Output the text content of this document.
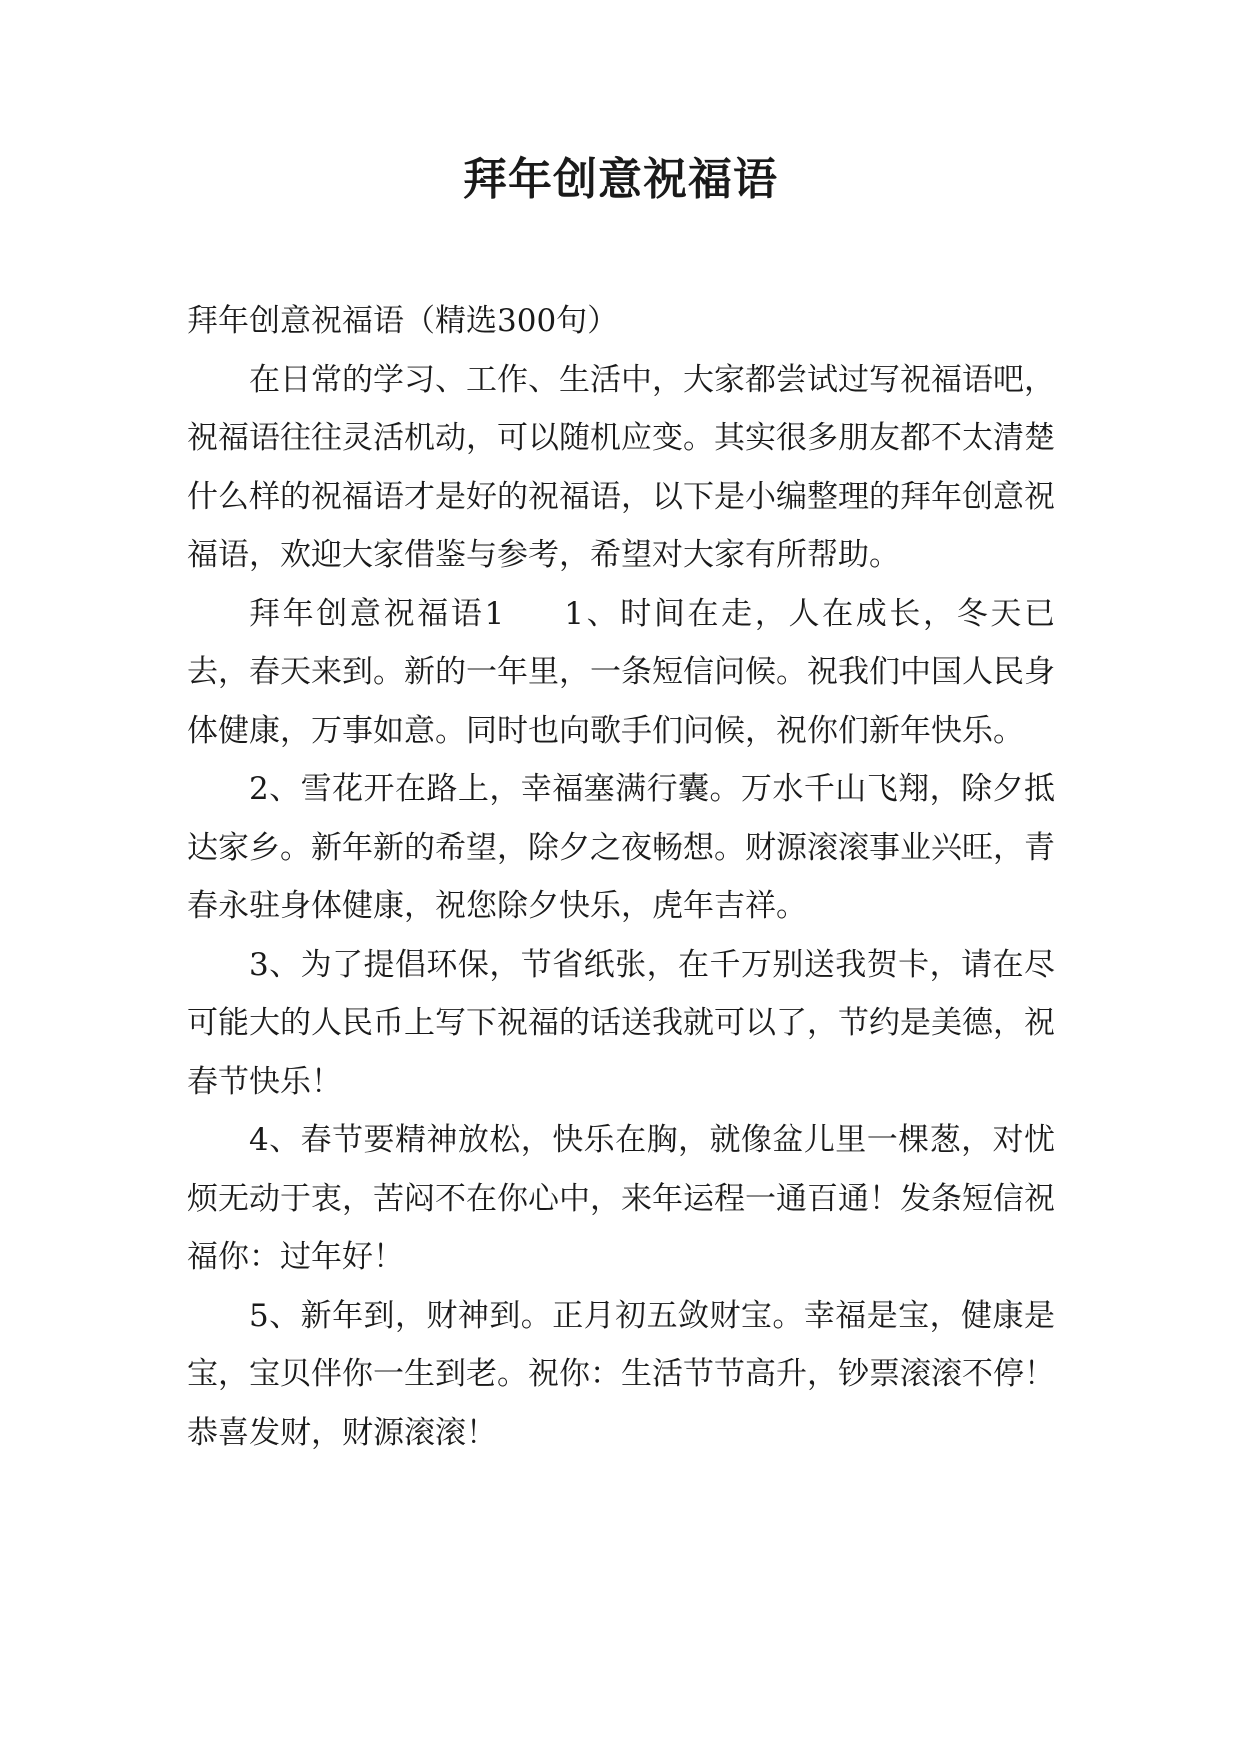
拜年创意祝福语

拜年创意祝福语（精选300句）

在日常的学习、工作、生活中，大家都尝试过写祝福语吧，祝福语往往灵活机动，可以随机应变。其实很多朋友都不太清楚什么样的祝福语才是好的祝福语，以下是小编整理的拜年创意祝福语，欢迎大家借鉴与参考，希望对大家有所帮助。

拜年创意祝福语1 1、时间在走，人在成长，冬天已去，春天来到。新的一年里，一条短信问候。祝我们中国人民身体健康，万事如意。同时也向歌手们问候，祝你们新年快乐。

2、雪花开在路上，幸福塞满行囊。万水千山飞翔，除夕抵达家乡。新年新的希望，除夕之夜畅想。财源滚滚事业兴旺，青春永驻身体健康，祝您除夕快乐，虎年吉祥。

3、为了提倡环保，节省纸张，在千万别送我贺卡，请在尽可能大的人民币上写下祝福的话送我就可以了，节约是美德，祝春节快乐！

4、春节要精神放松，快乐在胸，就像盆儿里一棵葱，对忧烦无动于衷，苦闷不在你心中，来年运程一通百通！发条短信祝福你：过年好！

5、新年到，财神到。正月初五敛财宝。幸福是宝，健康是宝，宝贝伴你一生到老。祝你：生活节节高升，钞票滚滚不停！恭喜发财，财源滚滚！
